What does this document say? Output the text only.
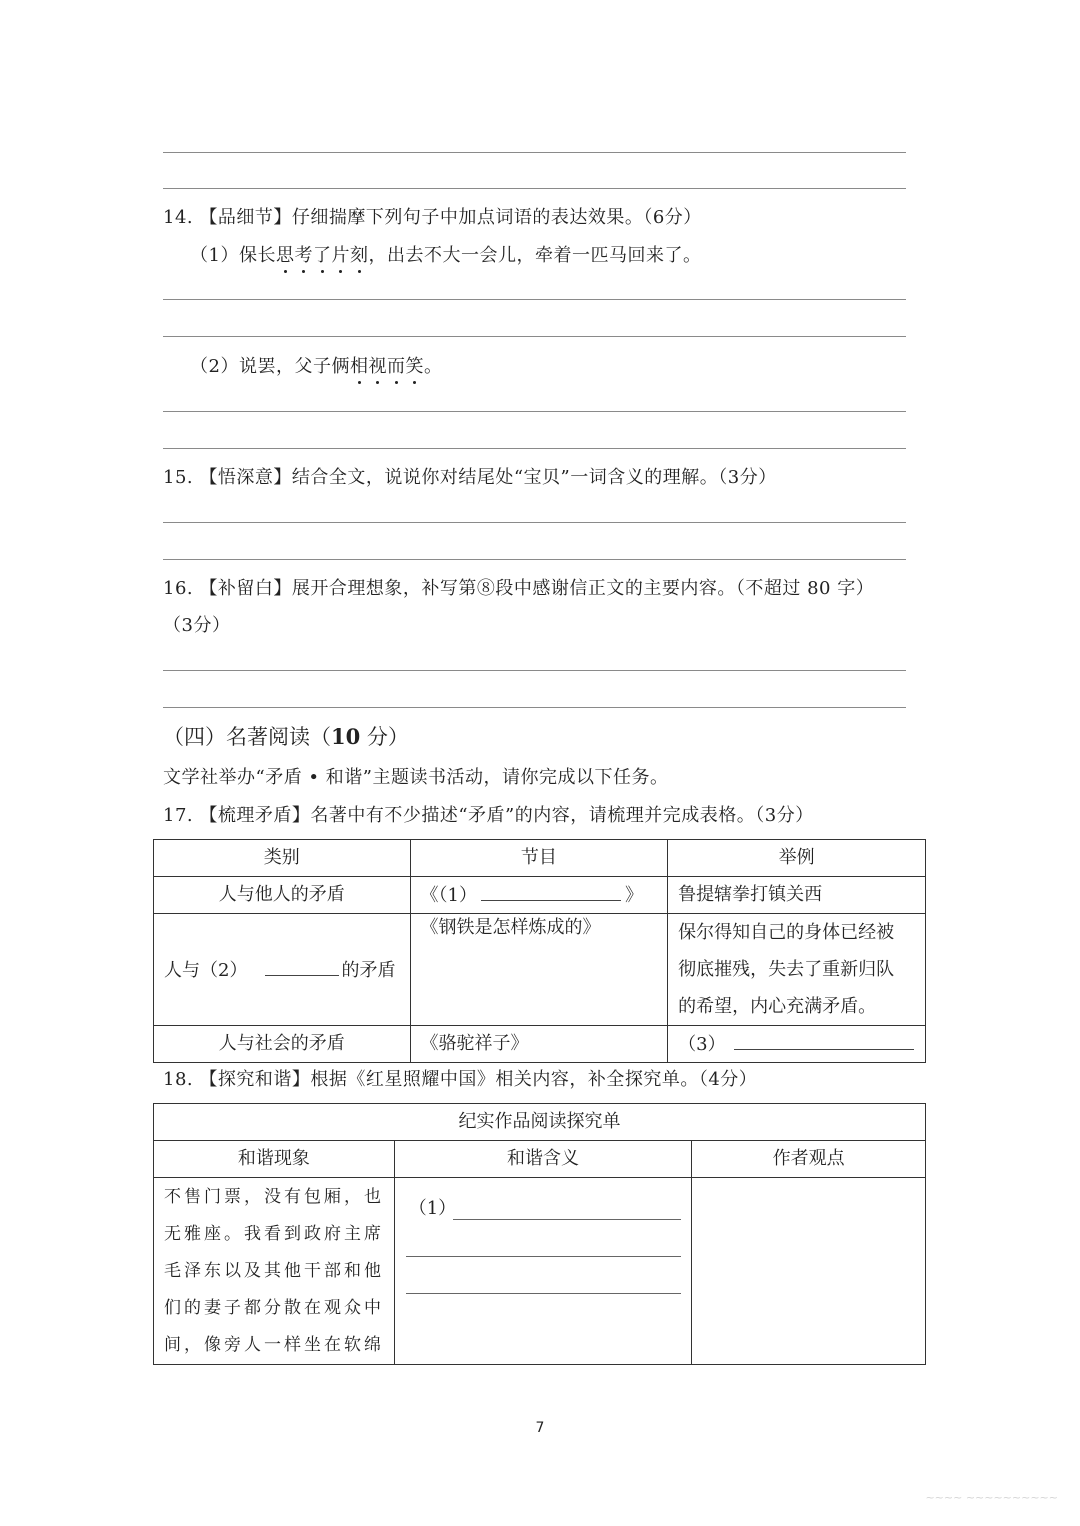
14. 【品细节】仔细揣摩下列句子中加点词语的表达效果。（6分）
（1）保长思考了片刻，出去不大一会儿，牵着一匹马回来了。
（2）说罢，父子俩相视而笑。
15. 【悟深意】结合全文，说说你对结尾处“宝贝”一词含义的理解。（3分）
16. 【补留白】展开合理想象，补写第⑧段中感谢信正文的主要内容。（不超过 80 字）
（3分）
（四）名著阅读（10 分）
文学社举办“矛盾 • 和谐”主题读书活动，请你完成以下任务。
17. 【梳理矛盾】名著中有不少描述“矛盾”的内容，请梳理并完成表格。（3分）
类别	节目	举例
人与他人的矛盾	《（1） 》	鲁提辖拳打镇关西
人与（2） 的矛盾	《钢铁是怎样炼成的》	保尔得知自己的身体已经被
彻底摧残，失去了重新归队
的希望，内心充满矛盾。

人与社会的矛盾	《骆驼祥子》	（3）
18. 【探究和谐】根据《红星照耀中国》相关内容，补全探究单。（4分）
纪实作品阅读探究单		
和谐现象	和谐含义	作者观点

不售门票，没有包厢，也
无雅座。我看到政府主席
毛泽东以及其他干部和他
们的妻子都分散在观众中
间，像旁人一样坐在软绵	（1）	

7
~~~~ ~~~~~~~~~~
